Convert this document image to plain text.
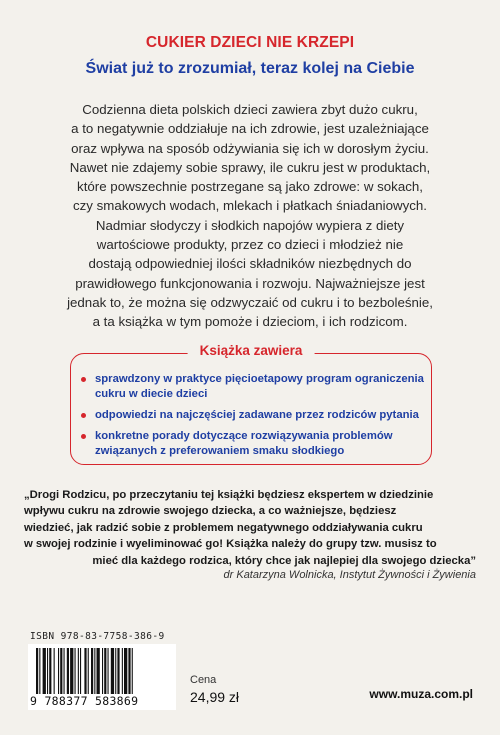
CUKIER DZIECI NIE KRZEPI
Świat już to zrozumiał, teraz kolej na Ciebie
Codzienna dieta polskich dzieci zawiera zbyt dużo cukru,
a to negatywnie oddziałuje na ich zdrowie, jest uzależniające
oraz wpływa na sposób odżywiania się ich w dorosłym życiu.
Nawet nie zdajemy sobie sprawy, ile cukru jest w produktach,
które powszechnie postrzegane są jako zdrowe: w sokach,
czy smakowych wodach, mlekach i płatkach śniadaniowych.
Nadmiar słodyczy i słodkich napojów wypiera z diety
wartościowe produkty, przez co dzieci i młodzież nie
dostają odpowiedniej ilości składników niezbędnych do
prawidłowego funkcjonowania i rozwoju. Najważniejsze jest
jednak to, że można się odzwyczaić od cukru i to bezboleśnie,
a ta książka w tym pomoże i dzieciom, i ich rodzicom.
Książka zawiera
sprawdzony w praktyce pięcioetapowy program ograniczenia
cukru w diecie dzieci
odpowiedzi na najczęściej zadawane przez rodziców pytania
konkretne porady dotyczące rozwiązywania problemów
związanych z preferowaniem smaku słodkiego
„Drogi Rodzicu, po przeczytaniu tej książki będziesz ekspertem w dziedzinie
wpływu cukru na zdrowie swojego dziecka, a co ważniejsze, będziesz
wiedzieć, jak radzić sobie z problemem negatywnego oddziaływania cukru
w swojej rodzinie i wyeliminować go! Książka należy do grupy tzw. musisz to
mieć dla każdego rodzica, który chce jak najlepiej dla swojego dziecka”
dr Katarzyna Wolnicka, Instytut Żywności i Żywienia
ISBN 978-83-7758-386-9
9 788377 583869
Cena
24,99 zł	www.muza.com.pl
